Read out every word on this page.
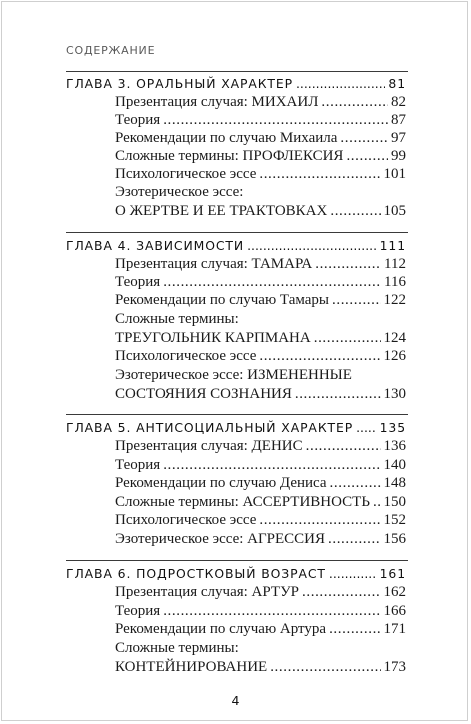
СОДЕРЖАНИЕ
ГЛАВА 3. ОРАЛЬНЫЙ ХАРАКТЕР .....	81
Презентация случая: МИХАИЛ .....	82
Теория .....	87
Рекомендации по случаю Михаила .....	97
Сложные термины: ПРОФЛЕКСИЯ .....	99
Психологическое эссе .....	101
Эзотерическое эссе:
О ЖЕРТВЕ И ЕЕ ТРАКТОВКАХ .....	105
ГЛАВА 4. ЗАВИСИМОСТИ .....	111
Презентация случая: ТАМАРА .....	112
Теория .....	116
Рекомендации по случаю Тамары .....	122
Сложные термины:
ТРЕУГОЛЬНИК КАРПМАНА .....	124
Психологическое эссе .....	126
Эзотерическое эссе: ИЗМЕНЕННЫЕ
СОСТОЯНИЯ СОЗНАНИЯ .....	130
ГЛАВА 5. АНТИСОЦИАЛЬНЫЙ ХАРАКТЕР ..... 135
Презентация случая: ДЕНИС .....	136
Теория .....	140
Рекомендации по случаю Дениса .....	148
Сложные термины: АССЕРТИВНОСТЬ ..... 150
Психологическое эссе .....	152
Эзотерическое эссе: АГРЕССИЯ .....	156
ГЛАВА 6. ПОДРОСТКОВЫЙ ВОЗРАСТ .....	161
Презентация случая: АРТУР .....	162
Теория .....	166
Рекомендации по случаю Артура .....	171
Сложные термины:
КОНТЕЙНИРОВАНИЕ .....	173
4
